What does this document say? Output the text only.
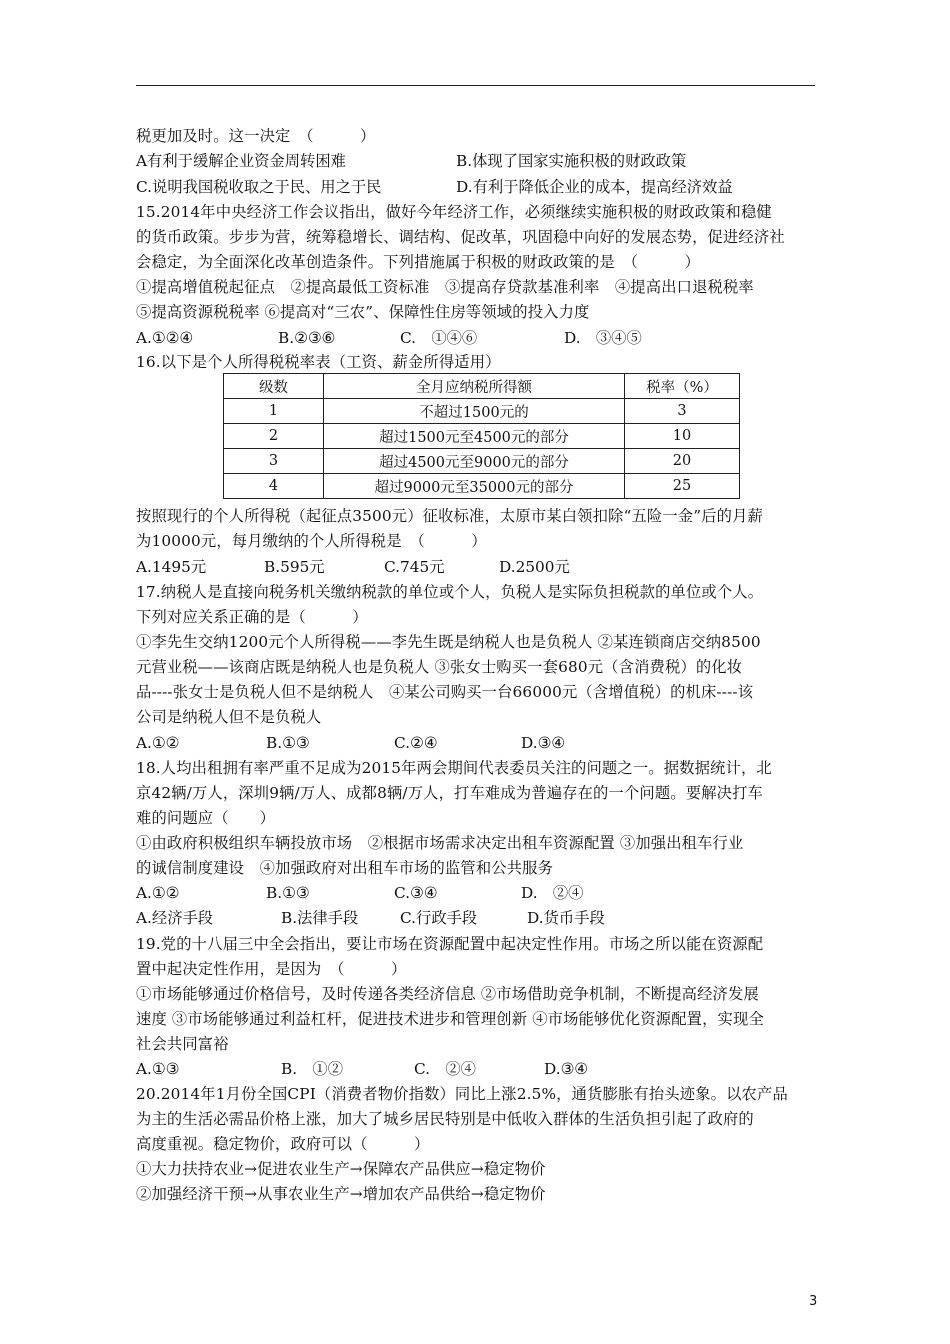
税更加及时。这一决定　（　　　）
A有利于缓解企业资金周转困难	B.体现了国家实施积极的财政政策
C.说明我国税收取之于民、用之于民	D.有利于降低企业的成本，提高经济效益
15.2014年中央经济工作会议指出，做好今年经济工作，必须继续实施积极的财政政策和稳健
的货币政策。步步为营，统筹稳增长、调结构、促改革，巩固稳中向好的发展态势，促进经济社
会稳定，为全面深化改革创造条件。下列措施属于积极的财政政策的是　（　　　）
①提高增值税起征点　②提高最低工资标准　③提高存贷款基准利率　④提高出口退税税率
⑤提高资源税税率 ⑥提高对“三农”、保障性住房等领域的投入力度
A.①②④	B.②③⑥	C.　①④⑥	D.　③④⑤
16.以下是个人所得税税率表（工资、薪金所得适用）
级数	全月应纳税所得额	税率（%）
1	不超过1500元的	3
2	超过1500元至4500元的部分	10
3	超过4500元至9000元的部分	20
4	超过9000元至35000元的部分	25
按照现行的个人所得税（起征点3500元）征收标准，太原市某白领扣除“五险一金”后的月薪
为10000元，每月缴纳的个人所得税是　（　　　）
A.1495元	B.595元	C.745元	D.2500元
17.纳税人是直接向税务机关缴纳税款的单位或个人，负税人是实际负担税款的单位或个人。
下列对应关系正确的是（　　　）
①李先生交纳1200元个人所得税——李先生既是纳税人也是负税人 ②某连锁商店交纳8500
元营业税——该商店既是纳税人也是负税人 ③张女士购买一套680元（含消费税）的化妆
品----张女士是负税人但不是纳税人　④某公司购买一台66000元（含增值税）的机床----该
公司是纳税人但不是负税人
A.①②	B.①③	C.②④	D.③④
18.人均出租拥有率严重不足成为2015年两会期间代表委员关注的问题之一。据数据统计，北
京42辆/万人，深圳9辆/万人、成都8辆/万人，打车难成为普遍存在的一个问题。要解决打车
难的问题应（　　）
①由政府积极组织车辆投放市场　②根据市场需求决定出租车资源配置 ③加强出租车行业
的诚信制度建设　④加强政府对出租车市场的监管和公共服务
A.①②	B.①③	C.③④	D.　②④
A.经济手段	B.法律手段	C.行政手段	D.货币手段
19.党的十八届三中全会指出，要让市场在资源配置中起决定性作用。市场之所以能在资源配
置中起决定性作用，是因为　（　　　）
①市场能够通过价格信号，及时传递各类经济信息 ②市场借助竞争机制，不断提高经济发展
速度 ③市场能够通过利益杠杆，促进技术进步和管理创新 ④市场能够优化资源配置，实现全
社会共同富裕
A.①③	B.　①②	C.　②④	D.③④
20.2014年1月份全国CPI（消费者物价指数）同比上涨2.5%，通货膨胀有抬头迹象。以农产品
为主的生活必需品价格上涨，加大了城乡居民特别是中低收入群体的生活负担引起了政府的
高度重视。稳定物价，政府可以（　　　）
①大力扶持农业→促进农业生产→保障农产品供应→稳定物价
②加强经济干预→从事农业生产→增加农产品供给→稳定物价
3
